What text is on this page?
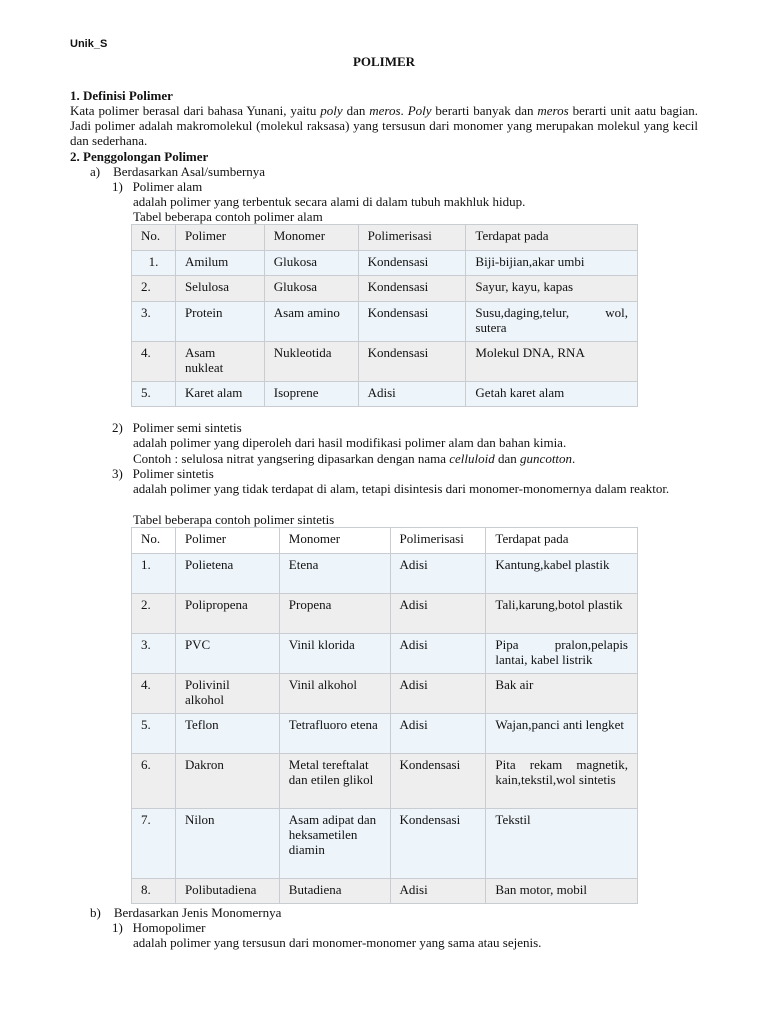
Unik_S
POLIMER
1. Definisi Polimer
Kata polimer berasal dari bahasa Yunani, yaitu poly dan meros. Poly berarti banyak dan meros berarti unit aatu bagian. Jadi polimer adalah makromolekul (molekul raksasa) yang tersusun dari monomer yang merupakan molekul yang kecil dan sederhana.
2. Penggolongan Polimer
a)    Berdasarkan Asal/sumbernya
1)   Polimer alam
adalah polimer yang terbentuk secara alami di dalam tubuh makhluk hidup.
Tabel beberapa contoh polimer alam
No.	Polimer	Monomer	Polimerisasi	Terdapat pada
1.	Amilum	Glukosa	Kondensasi	Biji-bijian,akar umbi
2.	Selulosa	Glukosa	Kondensasi	Sayur, kayu, kapas
3.	Protein	Asam amino	Kondensasi	Susu,daging,telur, wol, sutera
4.	Asam nukleat	Nukleotida	Kondensasi	Molekul DNA, RNA
5.	Karet alam	Isoprene	Adisi	Getah karet alam
2)   Polimer semi sintetis
adalah polimer yang diperoleh dari hasil modifikasi polimer alam dan bahan kimia.
Contoh : selulosa nitrat yangsering dipasarkan dengan nama celluloid dan guncotton.
3)   Polimer sintetis
adalah polimer yang tidak terdapat di alam, tetapi disintesis dari monomer-monomernya dalam reaktor.
Tabel beberapa contoh polimer sintetis
No.	Polimer	Monomer	Polimerisasi	Terdapat pada
1.	Polietena	Etena	Adisi	Kantung,kabel plastik
2.	Polipropena	Propena	Adisi	Tali,karung,botol plastik
3.	PVC	Vinil klorida	Adisi	Pipa pralon,pelapis lantai, kabel listrik
4.	Polivinil alkohol	Vinil alkohol	Adisi	Bak air
5.	Teflon	Tetrafluoro etena	Adisi	Wajan,panci anti lengket
6.	Dakron	Metal tereftalat dan etilen glikol	Kondensasi	Pita rekam magnetik, kain,tekstil,wol sintetis
7.	Nilon	Asam adipat dan heksametilen diamin	Kondensasi	Tekstil
8.	Polibutadiena	Butadiena	Adisi	Ban motor, mobil
b)    Berdasarkan Jenis Monomernya
1)   Homopolimer
adalah polimer yang tersusun dari monomer-monomer yang sama atau sejenis.
